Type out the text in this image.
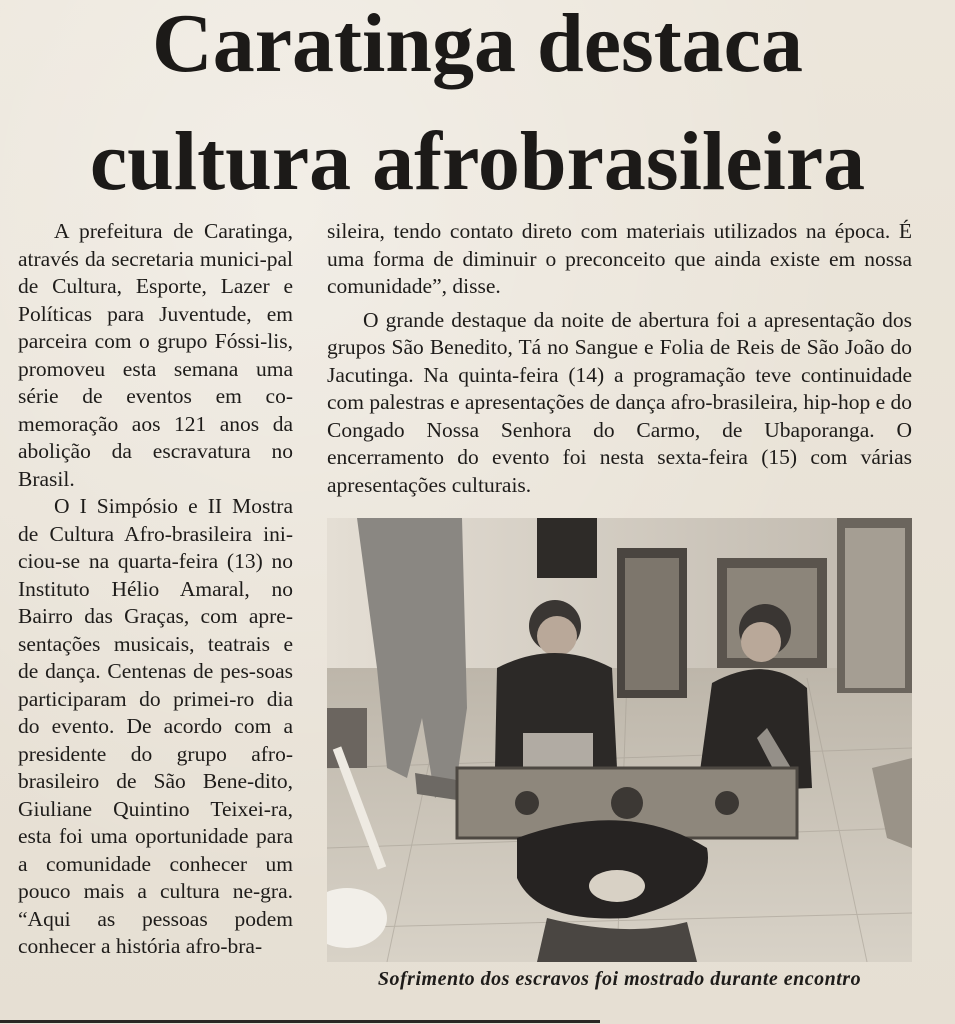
Caratinga destaca
cultura afrobrasileira

A prefeitura de Caratinga, através da secretaria munici-pal de Cultura, Esporte, Lazer e Políticas para Juventude, em parceira com o grupo Fóssi-lis, promoveu esta semana uma série de eventos em co-memoração aos 121 anos da abolição da escravatura no Brasil.

O I Simpósio e II Mostra de Cultura Afro-brasileira ini-ciou-se na quarta-feira (13) no Instituto Hélio Amaral, no Bairro das Graças, com apre-sentações musicais, teatrais e de dança. Centenas de pes-soas participaram do primei-ro dia do evento. De acordo com a presidente do grupo afro-brasileiro de São Bene-dito, Giuliane Quintino Teixei-ra, esta foi uma oportunidade para a comunidade conhecer um pouco mais a cultura ne-gra. “Aqui as pessoas podem conhecer a história afro-bra-

sileira, tendo contato direto com materiais utilizados na época. É uma forma de diminuir o preconceito que ainda existe em nossa comunidade”, disse.

O grande destaque da noite de abertura foi a apresentação dos grupos São Benedito, Tá no Sangue e Folia de Reis de São João do Jacutinga. Na quinta-feira (14) a programação teve continuidade com palestras e apresentações de dança afro-brasileira, hip-hop e do Congado Nossa Senhora do Carmo, de Ubaporanga. O encerramento do evento foi nesta sexta-feira (15) com várias apresentações culturais.

Sofrimento dos escravos foi mostrado durante encontro
